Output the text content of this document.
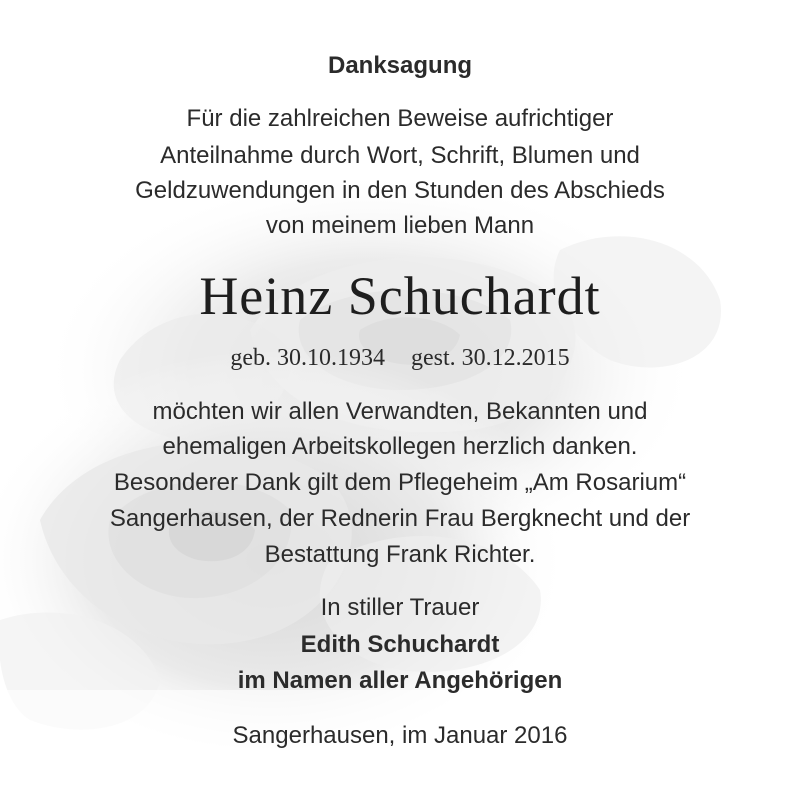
Danksagung
Für die zahlreichen Beweise aufrichtiger
Anteilnahme durch Wort, Schrift, Blumen und
Geldzuwendungen in den Stunden des Abschieds
von meinem lieben Mann
Heinz Schuchardt
geb. 30.10.1934 gest. 30.12.2015
möchten wir allen Verwandten, Bekannten und
ehemaligen Arbeitskollegen herzlich danken.
Besonderer Dank gilt dem Pflegeheim „Am Rosarium“
Sangerhausen, der Rednerin Frau Bergknecht und der
Bestattung Frank Richter.
In stiller Trauer
Edith Schuchardt
im Namen aller Angehörigen
Sangerhausen, im Januar 2016
